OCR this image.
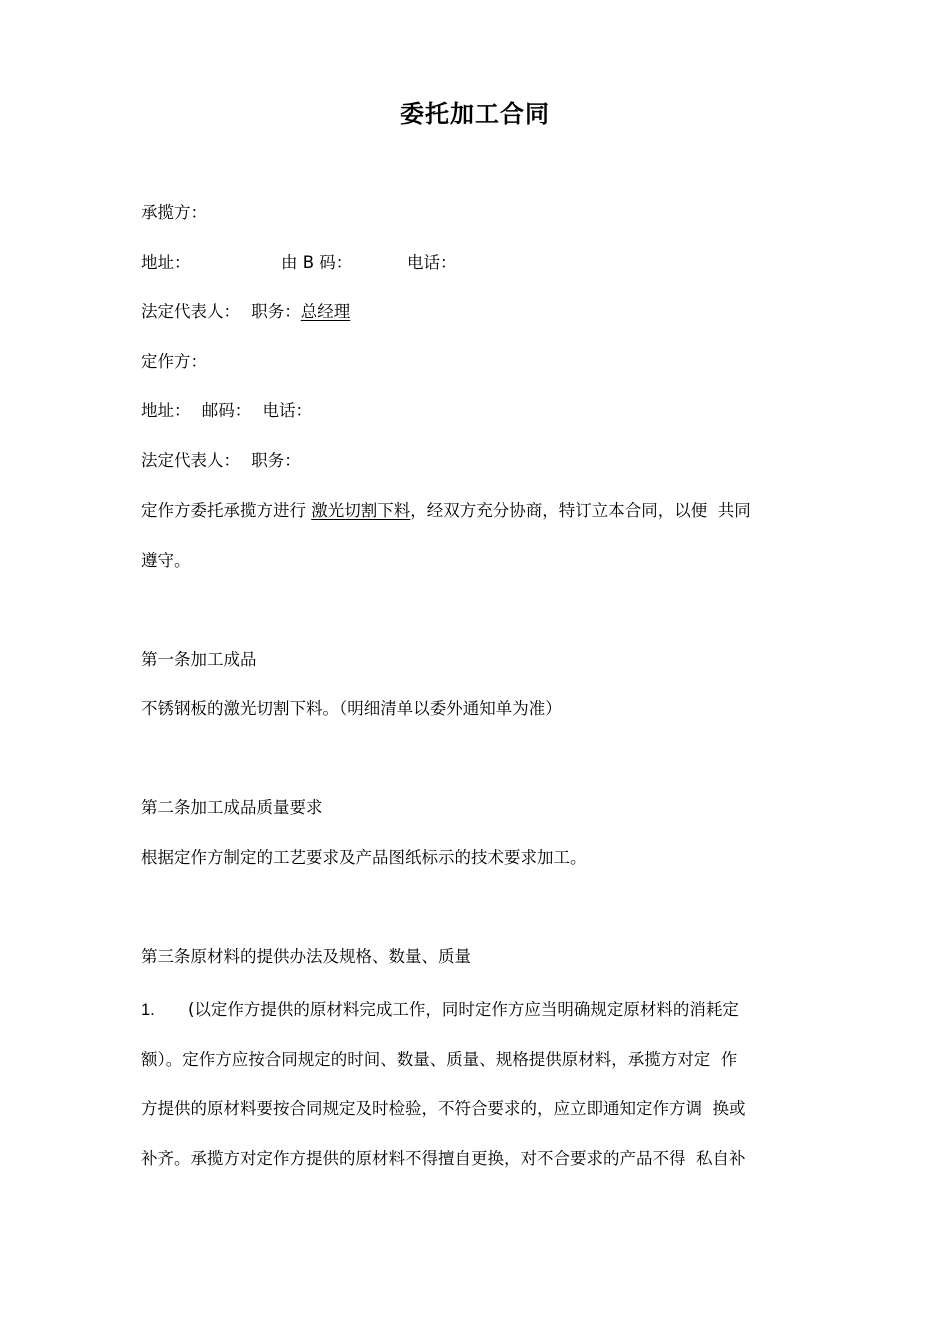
委托加工合同
承揽方：
地址：	由 B 码：	电话：
法定代表人： 职务：总经理
定作方：
地址： 邮码： 电话：
法定代表人： 职务：
定作方委托承揽方进行 激光切割下料，经双方充分协商，特订立本合同，以便  共同
遵守。
第一条加工成品
不锈钢板的激光切割下料。（明细清单以委外通知单为准）
第二条加工成品质量要求
根据定作方制定的工艺要求及产品图纸标示的技术要求加工。
第三条原材料的提供办法及规格、数量、质量
1. (以定作方提供的原材料完成工作，同时定作方应当明确规定原材料的消耗定
额）。定作方应按合同规定的时间、数量、质量、规格提供原材料，承揽方对定  作
方提供的原材料要按合同规定及时检验，不符合要求的，应立即通知定作方调  换或
补齐。承揽方对定作方提供的原材料不得擅自更换，对不合要求的产品不得  私自补
